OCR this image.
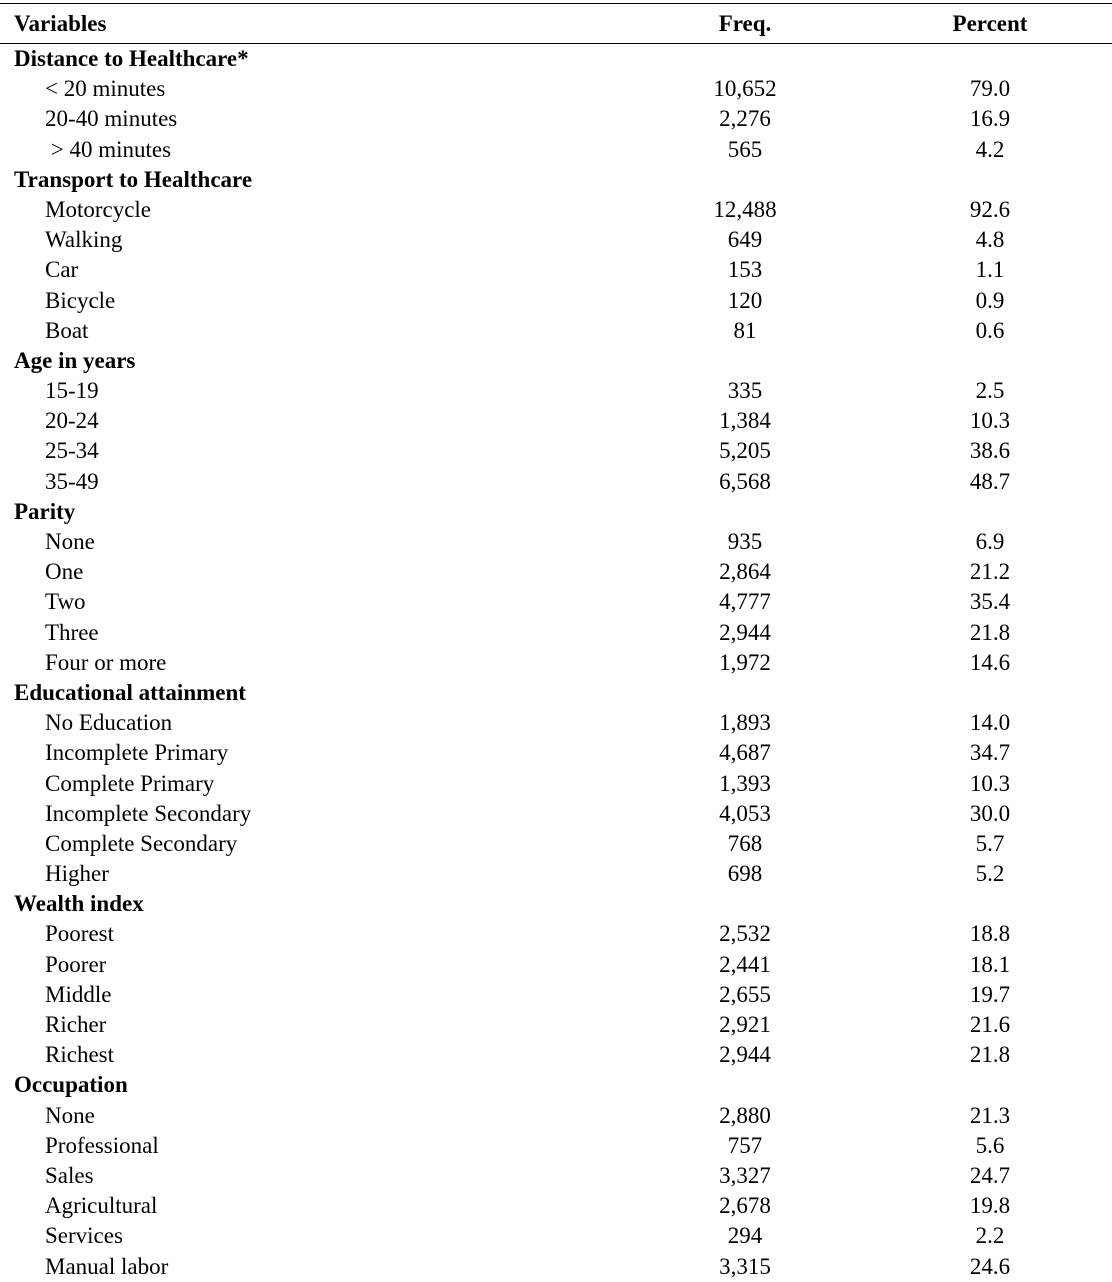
Variables	Freq.	Percent
Distance to Healthcare*
< 20 minutes	10,652	79.0
20-40 minutes	2,276	16.9
> 40 minutes	565	4.2
Transport to Healthcare
Motorcycle	12,488	92.6
Walking	649	4.8
Car	153	1.1
Bicycle	120	0.9
Boat	81	0.6
Age in years
15-19	335	2.5
20-24	1,384	10.3
25-34	5,205	38.6
35-49	6,568	48.7
Parity
None	935	6.9
One	2,864	21.2
Two	4,777	35.4
Three	2,944	21.8
Four or more	1,972	14.6
Educational attainment
No Education	1,893	14.0
Incomplete Primary	4,687	34.7
Complete Primary	1,393	10.3
Incomplete Secondary	4,053	30.0
Complete Secondary	768	5.7
Higher	698	5.2
Wealth index
Poorest	2,532	18.8
Poorer	2,441	18.1
Middle	2,655	19.7
Richer	2,921	21.6
Richest	2,944	21.8
Occupation
None	2,880	21.3
Professional	757	5.6
Sales	3,327	24.7
Agricultural	2,678	19.8
Services	294	2.2
Manual labor	3,315	24.6
